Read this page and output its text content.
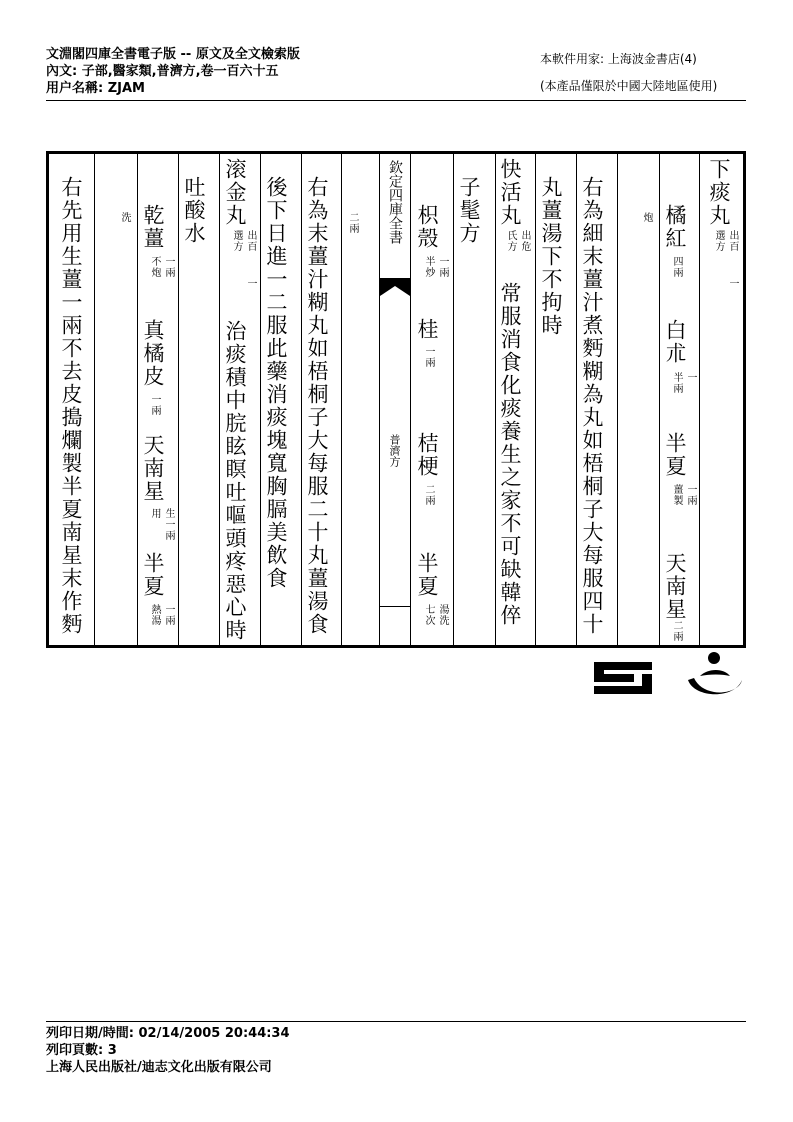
文淵閣四庫全書電子版 -- 原文及全文檢索版
內文: 子部,醫家類,普濟方,卷一百六十五
用户名稱: ZJAM
本軟件用家: 上海波金書店(4)
(本產品僅限於中國大陸地區使用)
下痰丸
出百
選方
一
橘紅
四兩
白朮
一
半兩
半夏
一兩
薑製
天南星
二兩
炮
右為細末薑汁煮麪糊為丸如梧桐子大每服四十
丸薑湯下不拘時
快活丸
出危
氏方
常服消食化痰養生之家不可缺韓倅
子髦方
枳殼
一兩
半炒
桂
一兩
桔梗
二兩
半夏
湯洗
七次
欽定四庫全書
普濟方
二兩
右為末薑汁糊丸如梧桐子大每服二十丸薑湯食
後下日進一二服此藥消痰塊寬胸膈美飲食
滚金丸
出百
選方
一
治痰積中脘眩瞑吐嘔頭疼惡心時
吐酸水
乾薑
一兩
不炮
真橘皮
一兩
天南星
生一兩
用
半夏
一兩
熱湯
洗
右先用生薑一兩不去皮搗爛製半夏南星末作麪
列印日期/時間: 02/14/2005 20:44:34
列印頁數: 3
上海人民出版社/迪志文化出版有限公司
